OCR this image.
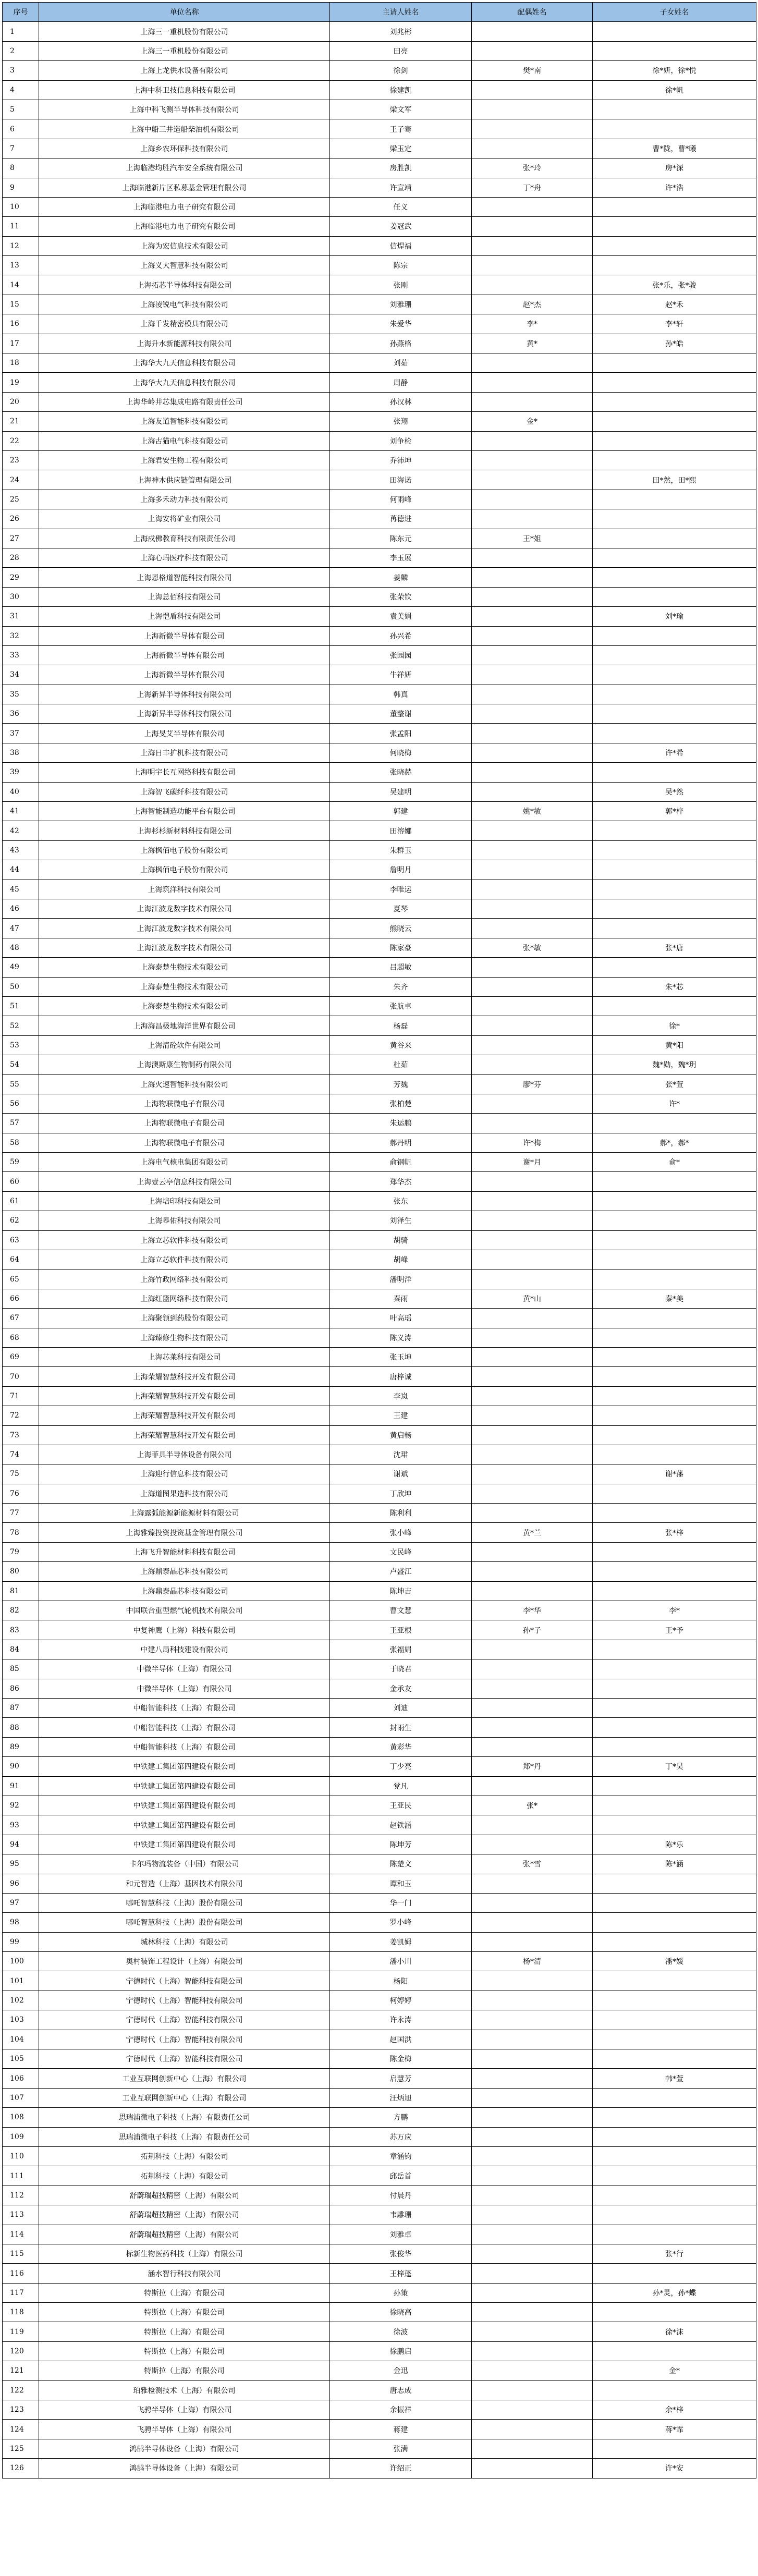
序号	单位名称	主请人姓名	配偶姓名	子女姓名
1	上海三一重机股份有限公司	刘兆彬		
2	上海三一重机股份有限公司	田亮		
3	上海上龙供水设备有限公司	徐剑	樊*南	徐*妍，徐*悦
4	上海中科卫技信息科技有限公司	徐建凯		徐*帆
5	上海中科飞测半导体科技有限公司	梁文军		
6	上海中船三井造船柴油机有限公司	王子骞		
7	上海乡农环保科技有限公司	梁玉定		曹*陇，曹*曦
8	上海临港均胜汽车安全系统有限公司	房胜凯	张*玲	房*深
9	上海临港新片区私募基金管理有限公司	许宣靖	丁*舟	许*浩
10	上海临港电力电子研究有限公司	任义		
11	上海临港电力电子研究有限公司	姜冠武		
12	上海为宏信息技术有限公司	信焊福		
13	上海义大智慧科技有限公司	陈宗		
14	上海拓芯半导体科技有限公司	张刚		张*乐，张*骏
15	上海凌锐电气科技有限公司	刘雅珊	赵*杰	赵*禾
16	上海千发精密模具有限公司	朱爱华	李*	李*轩
17	上海升水新能源科技有限公司	孙燕格	黄*	孙*皓
18	上海华大九天信息科技有限公司	刘茹		
19	上海华大九天信息科技有限公司	周静		
20	上海华岭井芯集成电路有限责任公司	孙汉林		
21	上海友道智能科技有限公司	张翔	金*	
22	上海古猫电气科技有限公司	刘争检		
23	上海君安生物工程有限公司	乔沛坤		
24	上海神木供应链管理有限公司	田海诺		田*然，田*熙
25	上海多禾动力科技有限公司	何雨峰		
26	上海安将矿业有限公司	苒德进		
27	上海戍佛教育科技有限责任公司	陈东元	王*姐	
28	上海心玛医疗科技有限公司	李玉展		
29	上海恩格道智能科技有限公司	姜麟		
30	上海总佰科技有限公司	张荣钦		
31	上海恺盾科技有限公司	袁美娟		刘*瑜
32	上海新微半导体有限公司	孙兴希		
33	上海新微半导体有限公司	张园园		
34	上海新微半导体有限公司	牛祥妍		
35	上海新异半导体科技有限公司	韩真		
36	上海新异半导体科技有限公司	董整谢		
37	上海旻艾半导体有限公司	张孟阳		
38	上海日丰扩机科技有限公司	何晓梅		许*希
39	上海明宇长互网络科技有限公司	张晓赫		
40	上海智飞碳纤科技有限公司	吴建明		吴*然
41	上海智能制造功能平台有限公司	郭建	姚*敏	郭*梓
42	上海杉杉新材料科技有限公司	田溶娜		
43	上海枫佰电子股份有限公司	朱群玉		
44	上海枫佰电子股份有限公司	詹明月		
45	上海筑洋科技有限公司	李唯运		
46	上海江波龙数字技术有限公司	夏琴		
47	上海江波龙数字技术有限公司	熊晓云		
48	上海江波龙数字技术有限公司	陈家豪	张*敏	张*唐
49	上海泰楚生物技术有限公司	吕超敏		
50	上海泰楚生物技术有限公司	朱齐		朱*芯
51	上海泰楚生物技术有限公司	张航卓		
52	上海海昌极地海洋世界有限公司	杨磊		徐*
53	上海清砼软件有限公司	黄谷来		黄*阳
54	上海澳斯康生物制药有限公司	杜茹		魏*勋，魏*玥
55	上海火速智能科技有限公司	芳魏	廖*芬	张*萱
56	上海物联微电子有限公司	张柏楚		许*
57	上海物联微电子有限公司	朱运鹏		
58	上海物联微电子有限公司	郝丹明	许*梅	郝*，郝*
59	上海电气核电集团有限公司	俞钢帆	谢*月	俞*
60	上海壹云亭信息科技有限公司	郑华杰		
61	上海培印科技有限公司	张东		
62	上海皋佑科技有限公司	刘泽生		
63	上海立芯软件科技有限公司	胡骑		
64	上海立芯软件科技有限公司	胡峰		
65	上海竹政网络科技有限公司	潘明洋		
66	上海红篮网络科技有限公司	秦雨	黄*山	秦*美
67	上海聚领到药股份有限公司	叶高瑶		
68	上海臻修生物科技有限公司	陈义涛		
69	上海芯莱科技有限公司	张玉坤		
70	上海荣耀智慧科技开发有限公司	唐梓诚		
71	上海荣耀智慧科技开发有限公司	李岚		
72	上海荣耀智慧科技开发有限公司	王建		
73	上海荣耀智慧科技开发有限公司	黄启畅		
74	上海菲具半导体设备有限公司	沈珺		
75	上海迎行信息科技有限公司	谢斌		谢*藩
76	上海道图果造科技有限公司	丁欣坤		
77	上海露弧能源新能源材料有限公司	陈利利		
78	上海雅臻投资投资基金管理有限公司	张小峰	黄*兰	张*梓
79	上海飞升智能材料科技有限公司	文民峰		
80	上海鼎泰晶芯科技有限公司	卢盛江		
81	上海鼎泰晶芯科技有限公司	陈坤吉		
82	中国联合重型燃气轮机技术有限公司	曹文慧	李*华	李*
83	中复神鹰（上海）科技有限公司	王亚根	孙*子	王*予
84	中建八局科技建设有限公司	张福娟		
85	中微半导体（上海）有限公司	于晓君		
86	中微半导体（上海）有限公司	金承友		
87	中船智能科技（上海）有限公司	刘迪		
88	中船智能科技（上海）有限公司	封雨生		
89	中船智能科技（上海）有限公司	黄彩华		
90	中铁建工集团第四建设有限公司	丁少亮	郑*丹	丁*昊
91	中铁建工集团第四建设有限公司	党凡		
92	中铁建工集团第四建设有限公司	王亚民	张*	
93	中铁建工集团第四建设有限公司	赵铁涵		
94	中铁建工集团第四建设有限公司	陈坤芳		陈*乐
95	卡尔玛物流装备（中国）有限公司	陈楚文	张*雪	陈*涵
96	和元智造（上海）基因技术有限公司	谭和玉		
97	哪吒智慧科技（上海）股份有限公司	华一门		
98	哪吒智慧科技（上海）股份有限公司	罗小峰		
99	城林科技（上海）有限公司	姜凯姆		
100	奥村装饰工程设计（上海）有限公司	潘小川	杨*清	潘*媛
101	宁德时代（上海）智能科技有限公司	杨阳		
102	宁德时代（上海）智能科技有限公司	柯婷婷		
103	宁德时代（上海）智能科技有限公司	许永涛		
104	宁德时代（上海）智能科技有限公司	赵国洪		
105	宁德时代（上海）智能科技有限公司	陈金梅		
106	工业互联网创新中心（上海）有限公司	启慧芳		韩*萱
107	工业互联网创新中心（上海）有限公司	汪炳旭		
108	思瑞浦微电子科技（上海）有限责任公司	方鹏		
109	思瑞浦微电子科技（上海）有限责任公司	苏万应		
110	拓荆科技（上海）有限公司	章涵钧		
111	拓荆科技（上海）有限公司	邱岳首		
112	舒蔚瑞超技精密（上海）有限公司	付晨丹		
113	舒蔚瑞超技精密（上海）有限公司	韦雕珊		
114	舒蔚瑞超技精密（上海）有限公司	刘雅卓		
115	标新生物医药科技（上海）有限公司	张俊华		张*行
116	涵水智行科技有限公司	王梓蓬		
117	特斯拉（上海）有限公司	孙策		孙*灵，孙*蝶
118	特斯拉（上海）有限公司	徐晓高		
119	特斯拉（上海）有限公司	徐波		徐*沫
120	特斯拉（上海）有限公司	徐鹏启		
121	特斯拉（上海）有限公司	金迅		金*
122	珀雅检测技术（上海）有限公司	唐志成		
123	飞骋半导体（上海）有限公司	余振祥		余*梓
124	飞骋半导体（上海）有限公司	蒋建		蒋*霏
125	鸿鹄半导体设备（上海）有限公司	张满		
126	鸿鹄半导体设备（上海）有限公司	许绍正		许*安
